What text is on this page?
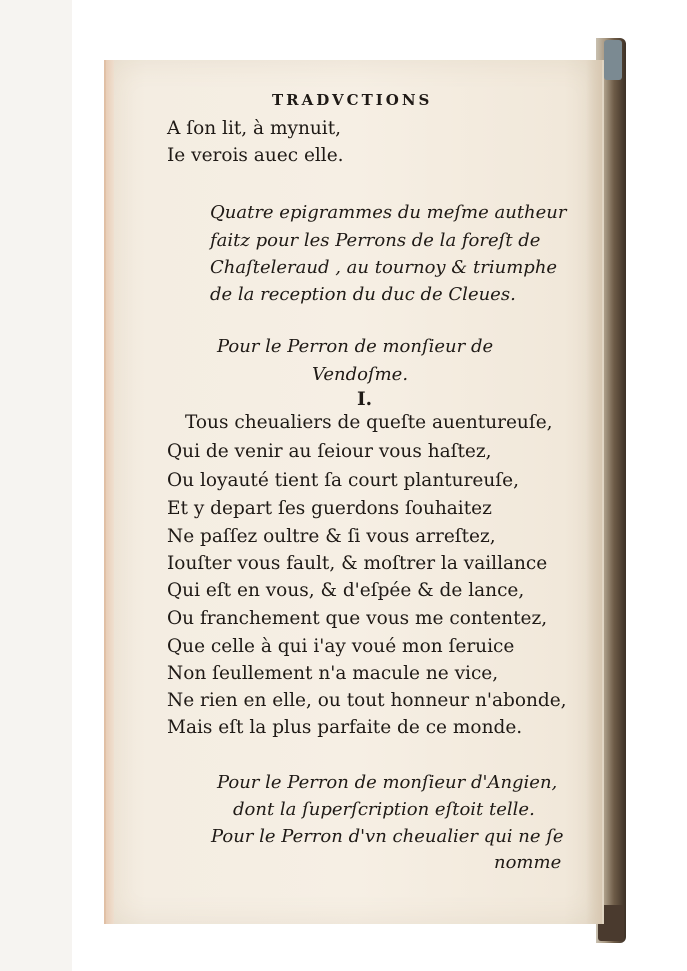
TRADVCTIONS
A ſon lit, à mynuit,
Ie verois auec elle.
Quatre epigrammes du meſme autheur
faitz pour les Perrons de la foreſt de
Chaſteleraud , au tournoy & triumphe
de la reception du duc de Cleues.
Pour le Perron de monſieur de
Vendoſme.
I.
Tous cheualiers de queſte auentureuſe,
Qui de venir au ſeiour vous haſtez,
Ou loyauté tient ſa court plantureuſe,
Et y depart ſes guerdons ſouhaitez
Ne paſſez oultre & ſi vous arreſtez,
Iouſter vous fault, & moſtrer la vaillance
Qui eſt en vous, & d'eſpée & de lance,
Ou franchement que vous me contentez,
Que celle à qui i'ay voué mon ſeruice
Non ſeullement n'a macule ne vice,
Ne rien en elle, ou tout honneur n'abonde,
Mais eſt la plus parfaite de ce monde.
Pour le Perron de monſieur d'Angien,
dont la ſuperſcription eſtoit telle.
Pour le Perron d'vn cheualier qui ne ſe
nomme
